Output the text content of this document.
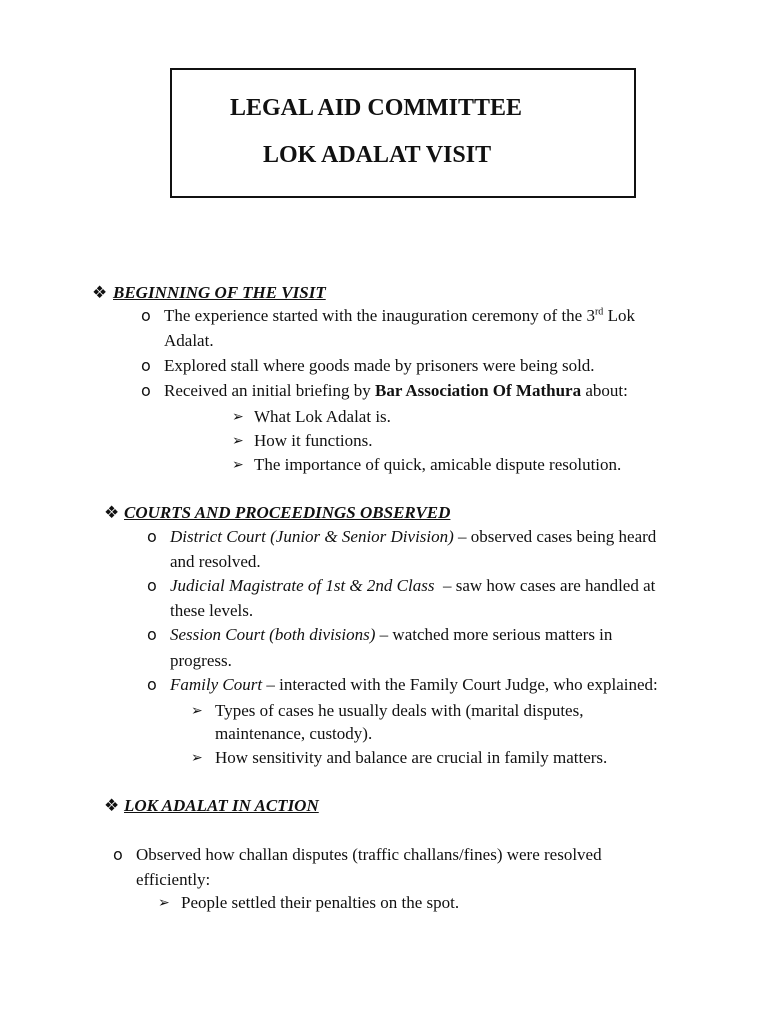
LEGAL AID COMMITTEE
LOK ADALAT VISIT
❖ BEGINNING OF THE VISIT
o The experience started with the inauguration ceremony of the 3rd Lok
Adalat.
o Explored stall where goods made by prisoners were being sold.
o Received an initial briefing by Bar Association Of Mathura about:
➢ What Lok Adalat is.
➢ How it functions.
➢ The importance of quick, amicable dispute resolution.
❖ COURTS AND PROCEEDINGS OBSERVED
o District Court (Junior & Senior Division) – observed cases being heard
and resolved.
o Judicial Magistrate of 1st & 2nd Class  – saw how cases are handled at
these levels.
o Session Court (both divisions) – watched more serious matters in
progress.
o Family Court – interacted with the Family Court Judge, who explained:
➢ Types of cases he usually deals with (marital disputes,
maintenance, custody).
➢ How sensitivity and balance are crucial in family matters.
❖ LOK ADALAT IN ACTION
o Observed how challan disputes (traffic challans/fines) were resolved
efficiently:
➢ People settled their penalties on the spot.
